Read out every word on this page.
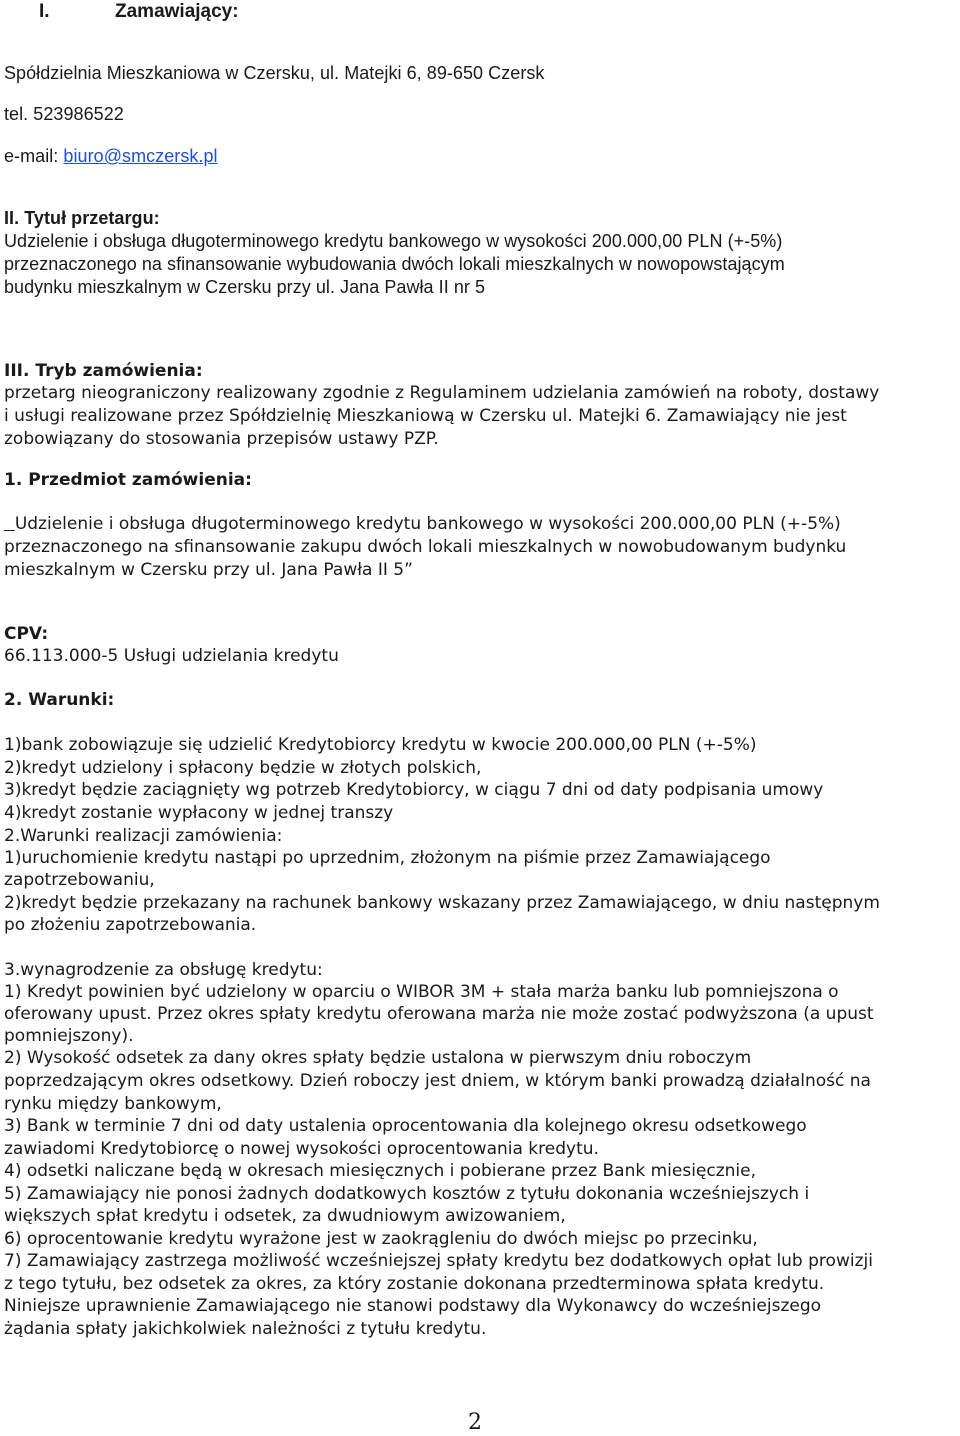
I.	Zamawiający:
Spółdzielnia Mieszkaniowa w Czersku, ul. Matejki 6, 89-650 Czersk
tel. 523986522
e-mail: biuro@smczersk.pl
II. Tytuł przetargu:
Udzielenie i obsługa długoterminowego kredytu bankowego w wysokości 200.000,00 PLN (+-5%)
przeznaczonego na sfinansowanie wybudowania dwóch lokali mieszkalnych w nowopowstającym
budynku mieszkalnym w Czersku przy ul. Jana Pawła II nr 5
III. Tryb zamówienia:
przetarg nieograniczony realizowany zgodnie z Regulaminem udzielania zamówień na roboty, dostawy
i usługi realizowane przez Spółdzielnię Mieszkaniową w Czersku ul. Matejki 6. Zamawiający nie jest
zobowiązany do stosowania przepisów ustawy PZP.
1. Przedmiot zamówienia:
Udzielenie i obsługa długoterminowego kredytu bankowego w wysokości 200.000,00 PLN (+-5%)
przeznaczonego na sfinansowanie zakupu dwóch lokali mieszkalnych w nowobudowanym budynku
mieszkalnym w Czersku przy ul. Jana Pawła II 5”
CPV:
66.113.000-5 Usługi udzielania kredytu
2. Warunki:
1)bank zobowiązuje się udzielić Kredytobiorcy kredytu w kwocie 200.000,00 PLN (+-5%)
2)kredyt udzielony i spłacony będzie w złotych polskich,
3)kredyt będzie zaciągnięty wg potrzeb Kredytobiorcy, w ciągu 7 dni od daty podpisania umowy
4)kredyt zostanie wypłacony w jednej transzy
2.Warunki realizacji zamówienia:
1)uruchomienie kredytu nastąpi po uprzednim, złożonym na piśmie przez Zamawiającego
zapotrzebowaniu,
2)kredyt będzie przekazany na rachunek bankowy wskazany przez Zamawiającego, w dniu następnym
po złożeniu zapotrzebowania.
3.wynagrodzenie za obsługę kredytu:
1) Kredyt powinien być udzielony w oparciu o WIBOR 3M + stała marża banku lub pomniejszona o
oferowany upust. Przez okres spłaty kredytu oferowana marża nie może zostać podwyższona (a upust
pomniejszony).
2) Wysokość odsetek za dany okres spłaty będzie ustalona w pierwszym dniu roboczym
poprzedzającym okres odsetkowy. Dzień roboczy jest dniem, w którym banki prowadzą działalność na
rynku między bankowym,
3) Bank w terminie 7 dni od daty ustalenia oprocentowania dla kolejnego okresu odsetkowego
zawiadomi Kredytobiorcę o nowej wysokości oprocentowania kredytu.
4) odsetki naliczane będą w okresach miesięcznych i pobierane przez Bank miesięcznie,
5) Zamawiający nie ponosi żadnych dodatkowych kosztów z tytułu dokonania wcześniejszych i
większych spłat kredytu i odsetek, za dwudniowym awizowaniem,
6) oprocentowanie kredytu wyrażone jest w zaokrągleniu do dwóch miejsc po przecinku,
7) Zamawiający zastrzega możliwość wcześniejszej spłaty kredytu bez dodatkowych opłat lub prowizji
z tego tytułu, bez odsetek za okres, za który zostanie dokonana przedterminowa spłata kredytu.
Niniejsze uprawnienie Zamawiającego nie stanowi podstawy dla Wykonawcy do wcześniejszego
żądania spłaty jakichkolwiek należności z tytułu kredytu.
2
